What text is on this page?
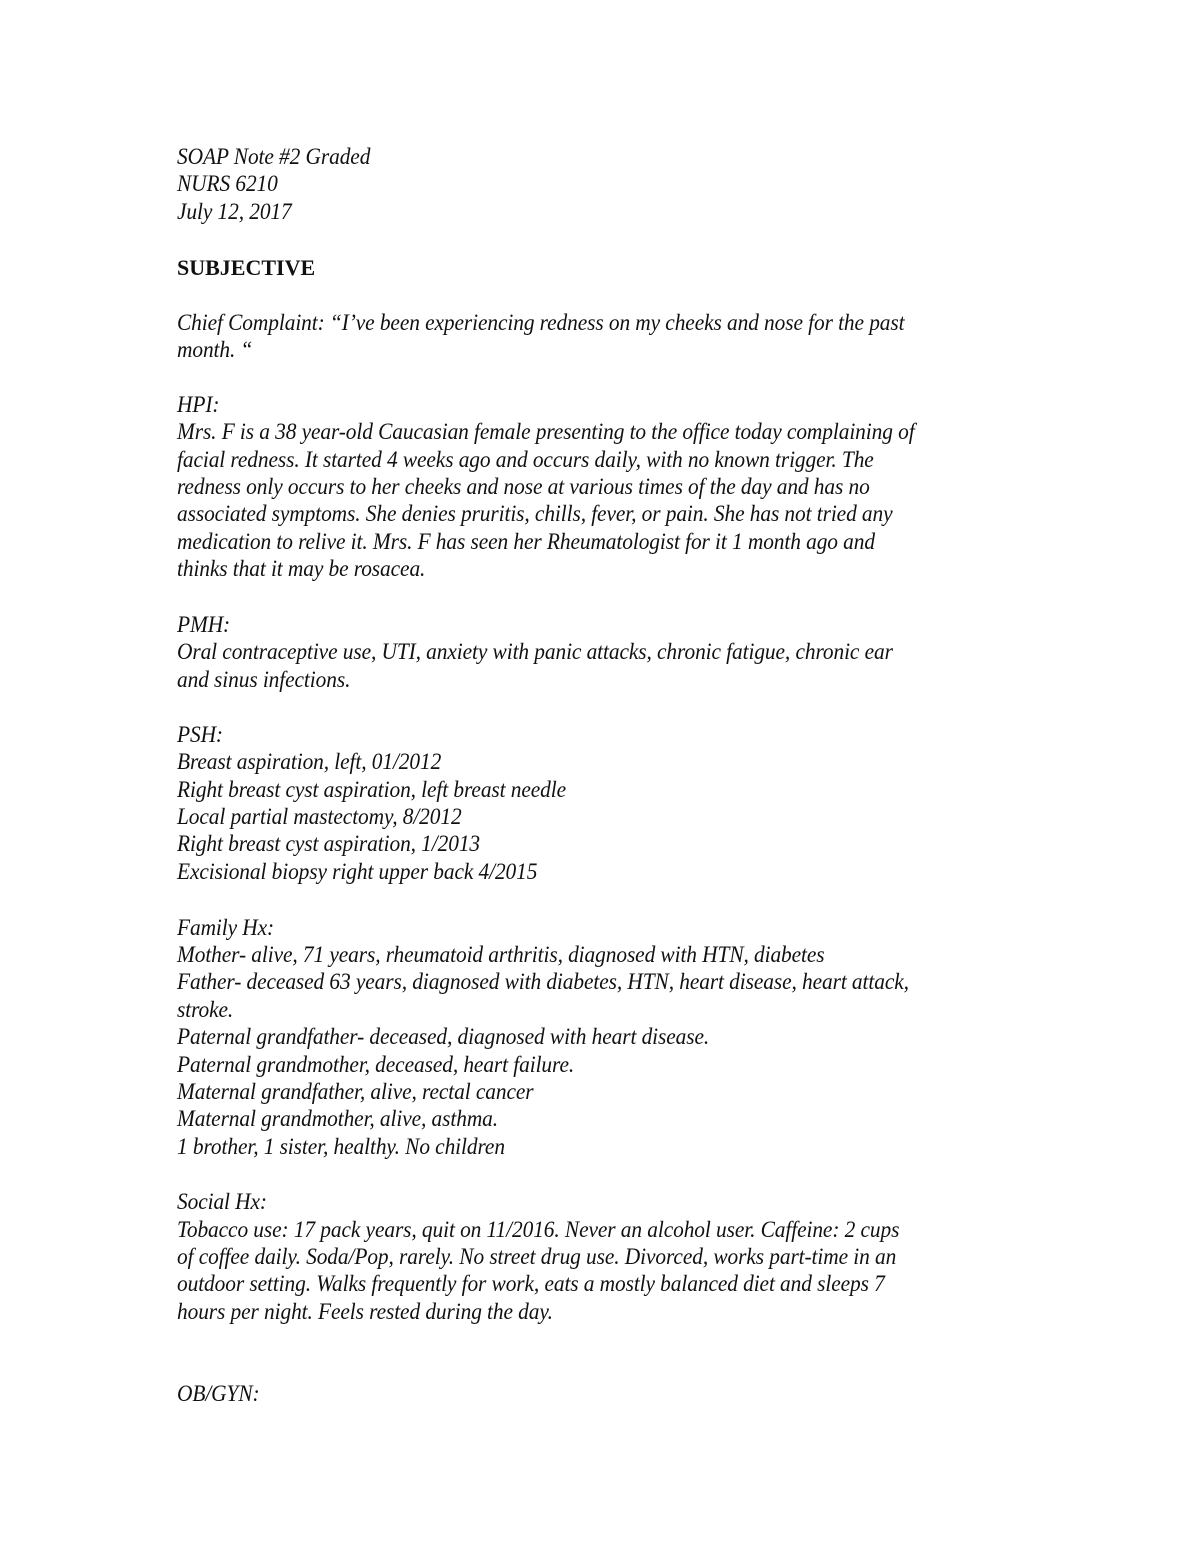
SOAP Note #2 Graded
NURS 6210
July 12, 2017
SUBJECTIVE
Chief Complaint: “I’ve been experiencing redness on my cheeks and nose for the past
month. “
HPI:
Mrs. F is a 38 year-old Caucasian female presenting to the office today complaining of
facial redness. It started 4 weeks ago and occurs daily, with no known trigger. The
redness only occurs to her cheeks and nose at various times of the day and has no
associated symptoms. She denies pruritis, chills, fever, or pain. She has not tried any
medication to relive it. Mrs. F has seen her Rheumatologist for it 1 month ago and
thinks that it may be rosacea.
PMH:
Oral contraceptive use, UTI, anxiety with panic attacks, chronic fatigue, chronic ear
and sinus infections.
PSH:
Breast aspiration, left, 01/2012
Right breast cyst aspiration, left breast needle
Local partial mastectomy, 8/2012
Right breast cyst aspiration, 1/2013
Excisional biopsy right upper back 4/2015
Family Hx:
Mother- alive, 71 years, rheumatoid arthritis, diagnosed with HTN, diabetes
Father- deceased 63 years, diagnosed with diabetes, HTN, heart disease, heart attack,
stroke.
Paternal grandfather- deceased, diagnosed with heart disease.
Paternal grandmother, deceased, heart failure.
Maternal grandfather, alive, rectal cancer
Maternal grandmother, alive, asthma.
1 brother, 1 sister, healthy. No children
Social Hx:
Tobacco use: 17 pack years, quit on 11/2016. Never an alcohol user. Caffeine: 2 cups
of coffee daily. Soda/Pop, rarely. No street drug use. Divorced, works part-time in an
outdoor setting. Walks frequently for work, eats a mostly balanced diet and sleeps 7
hours per night. Feels rested during the day.
OB/GYN:
